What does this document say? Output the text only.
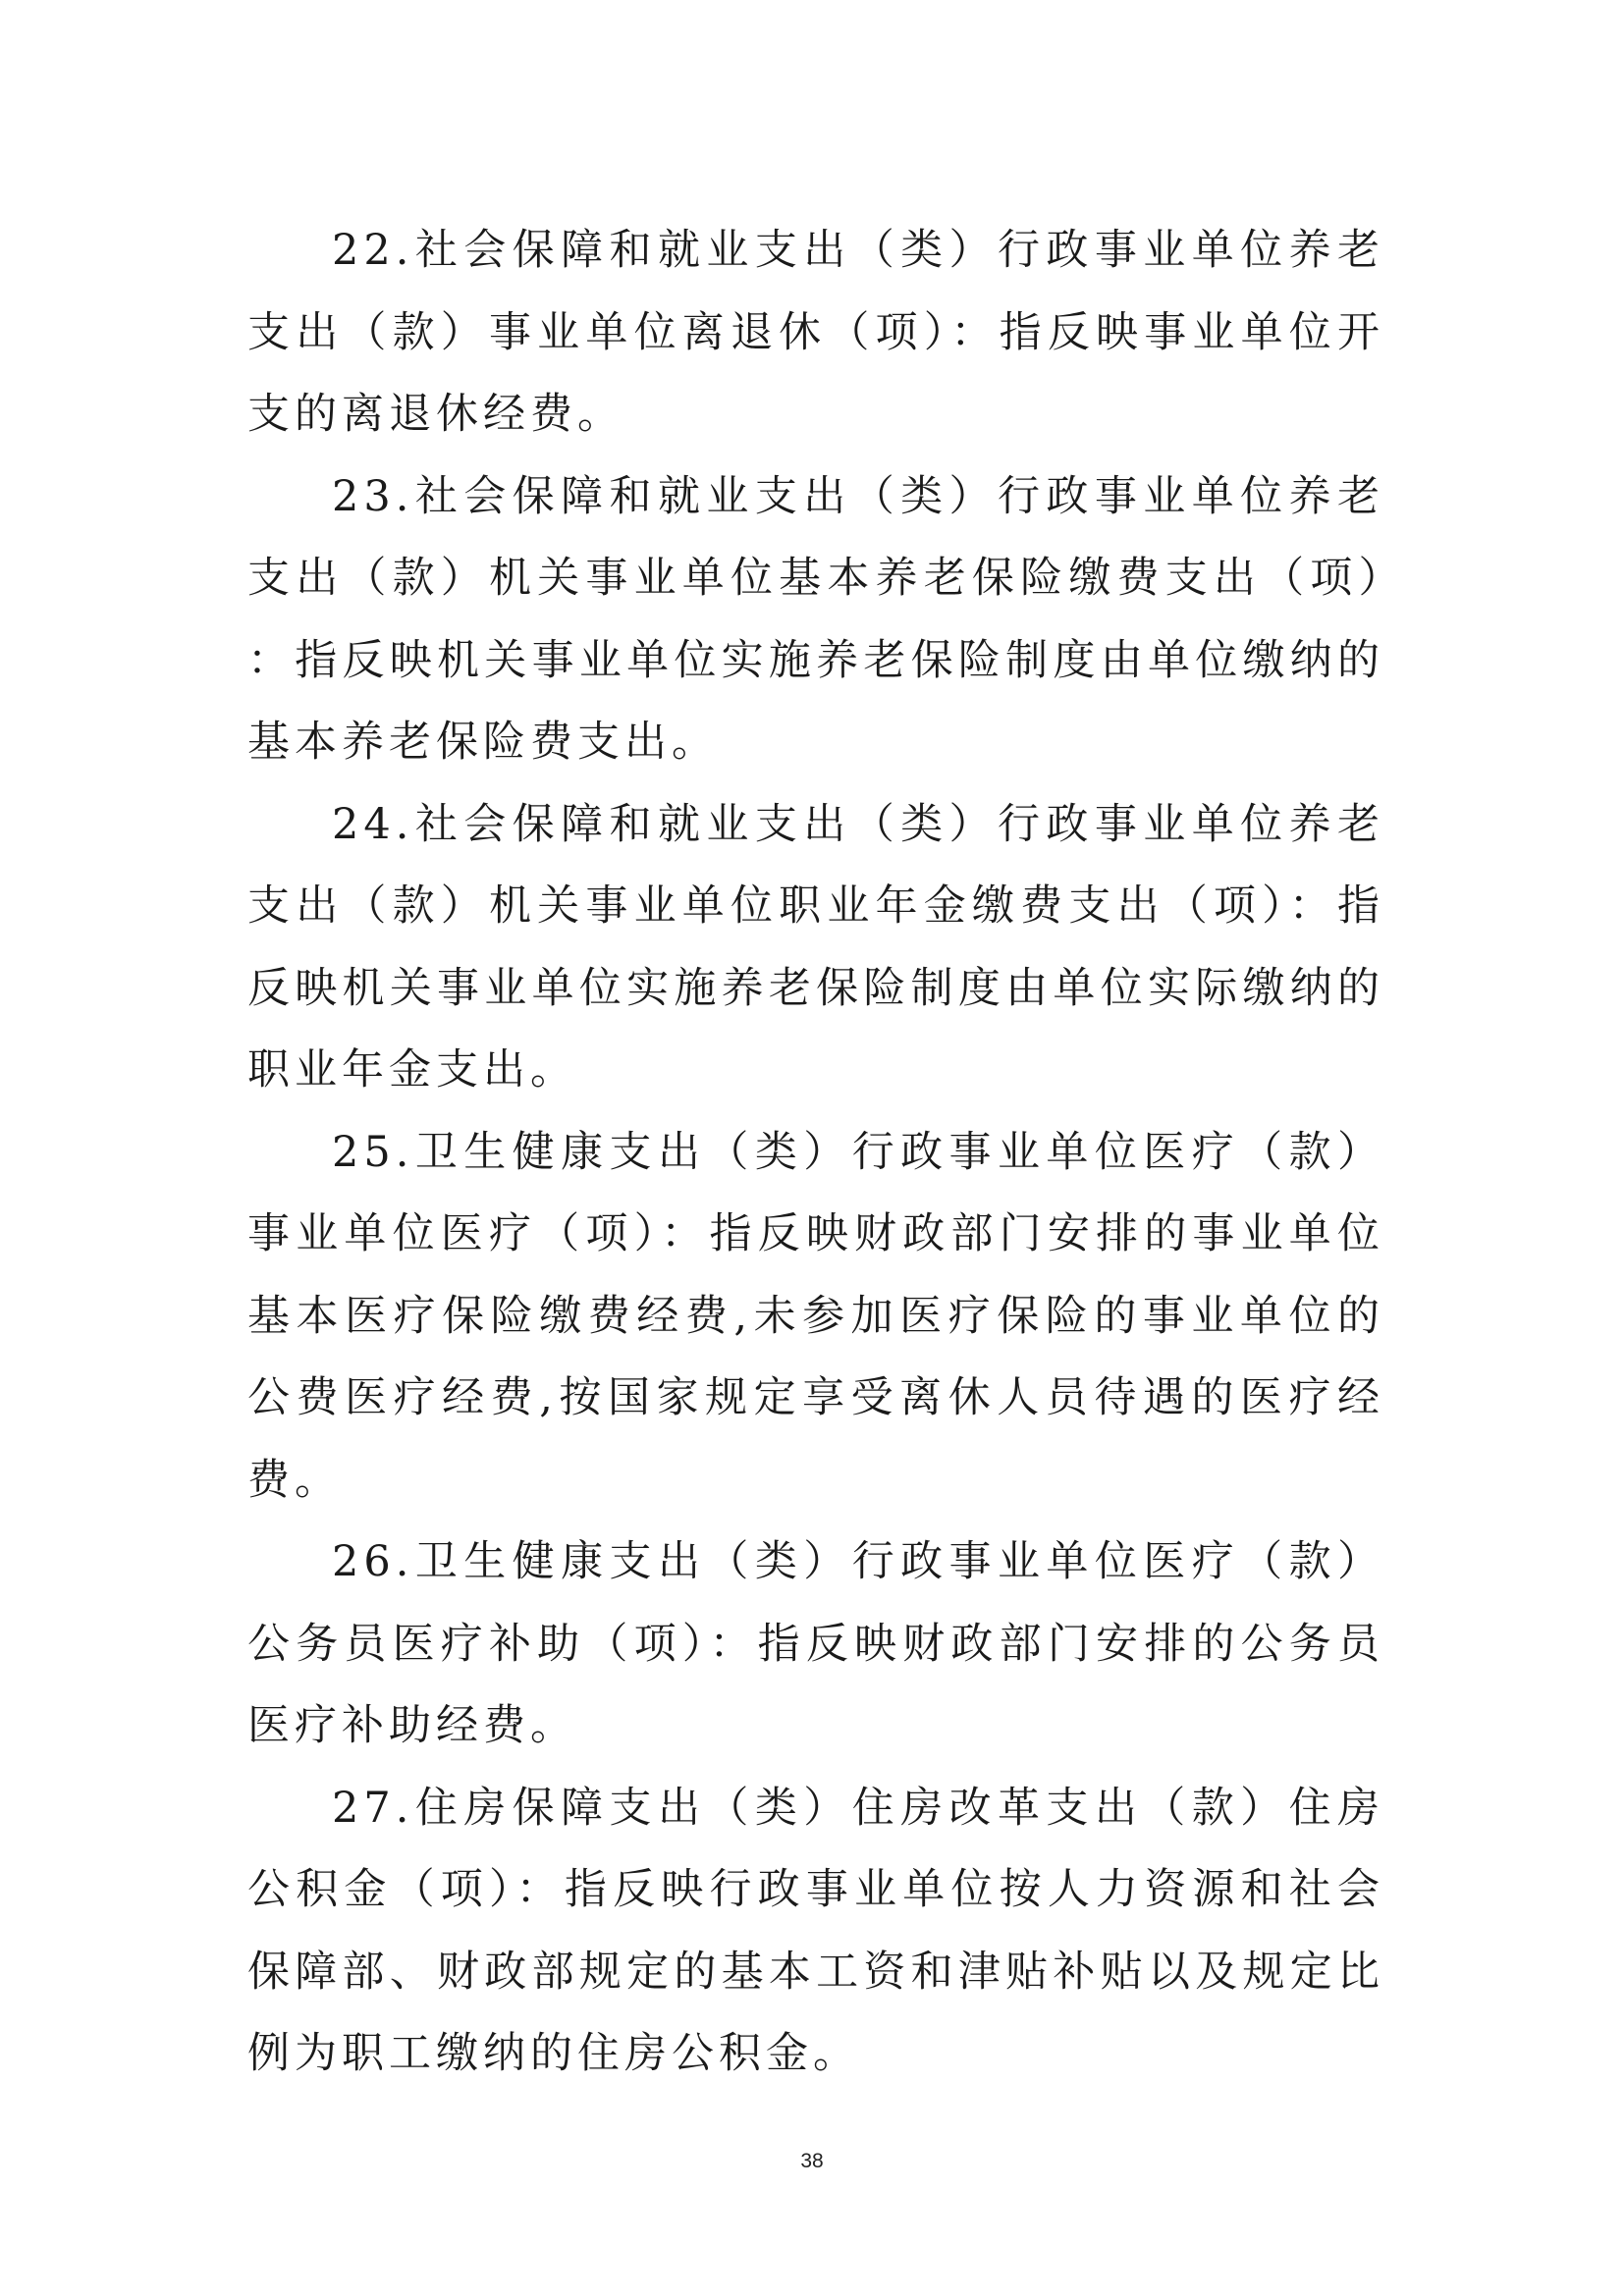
22.社会保障和就业支出（类）行政事业单位养老支出（款）事业单位离退休（项）：指反映事业单位开支的离退休经费。

23.社会保障和就业支出（类）行政事业单位养老支出（款）机关事业单位基本养老保险缴费支出（项）：指反映机关事业单位实施养老保险制度由单位缴纳的基本养老保险费支出。

24.社会保障和就业支出（类）行政事业单位养老支出（款）机关事业单位职业年金缴费支出（项）：指反映机关事业单位实施养老保险制度由单位实际缴纳的职业年金支出。

25.卫生健康支出（类）行政事业单位医疗（款）事业单位医疗（项）：指反映财政部门安排的事业单位基本医疗保险缴费经费,未参加医疗保险的事业单位的公费医疗经费,按国家规定享受离休人员待遇的医疗经费。

26.卫生健康支出（类）行政事业单位医疗（款）公务员医疗补助（项）：指反映财政部门安排的公务员医疗补助经费。

27.住房保障支出（类）住房改革支出（款）住房公积金（项）：指反映行政事业单位按人力资源和社会保障部、财政部规定的基本工资和津贴补贴以及规定比例为职工缴纳的住房公积金。

38
